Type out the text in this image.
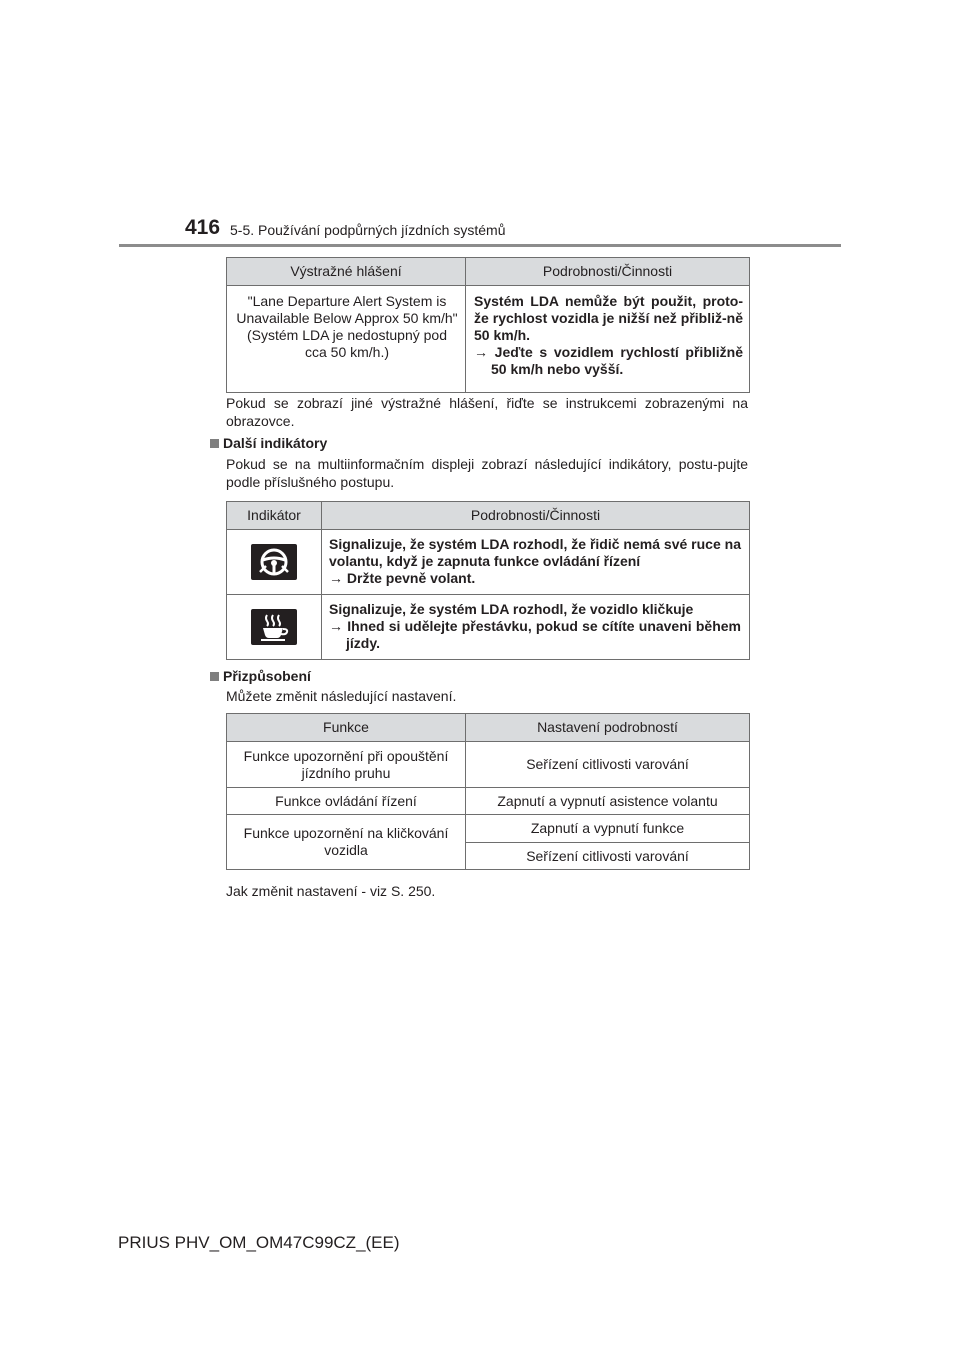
416 5-5. Používání podpůrných jízdních systémů
Výstražné hlášení	Podrobnosti/Činnosti
"Lane Departure Alert System is Unavailable Below Approx 50 km/h" (Systém LDA je nedostupný pod cca 50 km/h.)	Systém LDA nemůže být použit, proto-že rychlost vozidla je nižší než přibliž-ně 50 km/h.
→ Jeďte s vozidlem rychlostí přibližně 50 km/h nebo vyšší.
Pokud se zobrazí jiné výstražné hlášení, řiďte se instrukcemi zobrazenými na obrazovce.
Další indikátory
Pokud se na multiinformačním displeji zobrazí následující indikátory, postu-pujte podle příslušného postupu.
Indikátor	Podrobnosti/Činnosti

Signalizuje, že systém LDA rozhodl, že řidič nemá své ruce na volantu, když je zapnuta funkce ovládání řízení
→ Držte pevně volant.

Signalizuje, že systém LDA rozhodl, že vozidlo kličkuje
→ Ihned si udělejte přestávku, pokud se cítíte unaveni během jízdy.
Přizpůsobení
Můžete změnit následující nastavení.
Funkce	Nastavení podrobností
Funkce upozornění při opouštění jízdního pruhu	Seřízení citlivosti varování
Funkce ovládání řízení	Zapnutí a vypnutí asistence volantu
Funkce upozornění na kličkování vozidla	Zapnutí a vypnutí funkce
	Seřízení citlivosti varování
Jak změnit nastavení - viz S. 250.
PRIUS PHV_OM_OM47C99CZ_(EE)
